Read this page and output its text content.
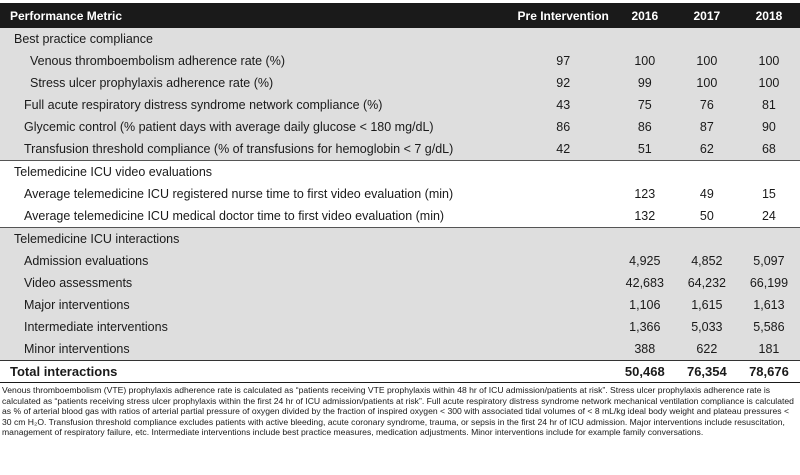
Performance Metric	Pre Intervention	2016	2017	2018
Best practice compliance				
Venous thromboembolism adherence rate (%)	97	100	100	100
Stress ulcer prophylaxis adherence rate (%)	92	99	100	100
Full acute respiratory distress syndrome network compliance (%)	43	75	76	81
Glycemic control (% patient days with average daily glucose < 180 mg/dL)	86	86	87	90
Transfusion threshold compliance (% of transfusions for hemoglobin < 7 g/dL)	42	51	62	68
Telemedicine ICU video evaluations				
Average telemedicine ICU registered nurse time to first video evaluation (min)		123	49	15
Average telemedicine ICU medical doctor time to first video evaluation (min)		132	50	24
Telemedicine ICU interactions				
Admission evaluations		4,925	4,852	5,097
Video assessments		42,683	64,232	66,199
Major interventions		1,106	1,615	1,613
Intermediate interventions		1,366	5,033	5,586
Minor interventions		388	622	181
Total interactions		50,468	76,354	78,676

Venous thromboembolism (VTE) prophylaxis adherence rate is calculated as “patients receiving VTE prophylaxis within 48 hr of ICU admission/patients at risk”. Stress ulcer prophylaxis adherence rate is calculated as “patients receiving stress ulcer prophylaxis within the first 24 hr of ICU admission/patients at risk”. Full acute respiratory distress syndrome network mechanical ventilation compliance is calculated as % of arterial blood gas with ratios of arterial partial pressure of oxygen divided by the fraction of inspired oxygen < 300 with associated tidal volumes of < 8 mL/kg ideal body weight and plateau pressures < 30 cm H₂O. Transfusion threshold compliance excludes patients with active bleeding, acute coronary syndrome, trauma, or sepsis in the first 24 hr of ICU admission. Major interventions include resuscitation, management of respiratory failure, etc. Intermediate interventions include best practice measures, medication adjustments. Minor interventions include for example family conversations.
